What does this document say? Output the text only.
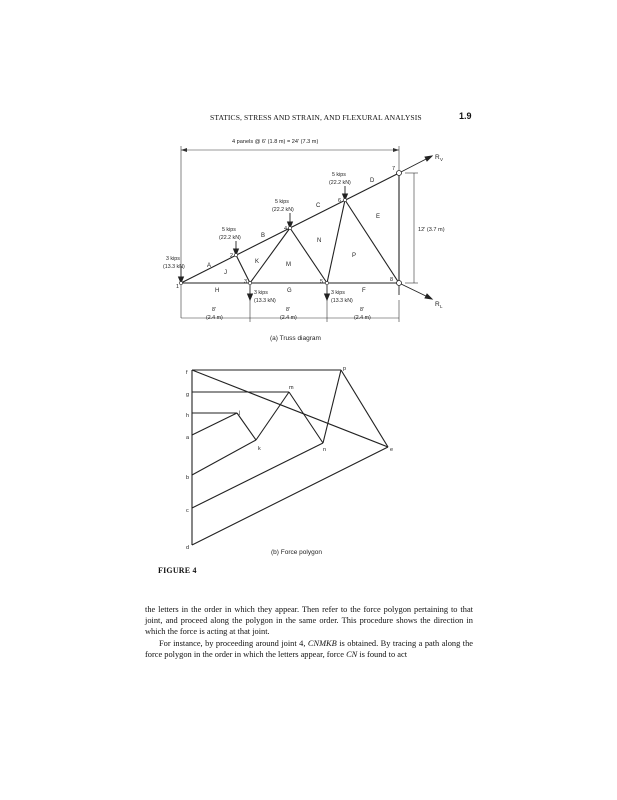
STATICS, STRESS AND STRAIN, AND FLEXURAL ANALYSIS	1.9
4 panels @ 6' (1.8 m) = 24' (7.3 m)
12' (3.7 m)
3 kips
(13.3 kN)
5 kips
(22.2 kN)
5 kips
(22.2 kN)
5 kips
(22.2 kN)
3 kips
(13.3 kN)
3 kips
(13.3 kN)
8'
(2.4 m)
8'
(2.4 m)
8'
(2.4 m)
1
2
3
4
5
6
7
8
A
B
C
D
E
F
G
H
J
K	M
N
P
R V
R L
(a) Truss diagram
f
g
h
a
b
c
d
j
k
m
n
p
e
(b) Force polygon
FIGURE 4

the letters in the order in which they appear. Then refer to the force polygon pertaining to that joint, and proceed along the polygon in the same order. This procedure shows the direction in which the force is acting at that joint.

For instance, by proceeding around joint 4, CNMKB is obtained. By tracing a path along the force polygon in the order in which the letters appear, force CN is found to act
